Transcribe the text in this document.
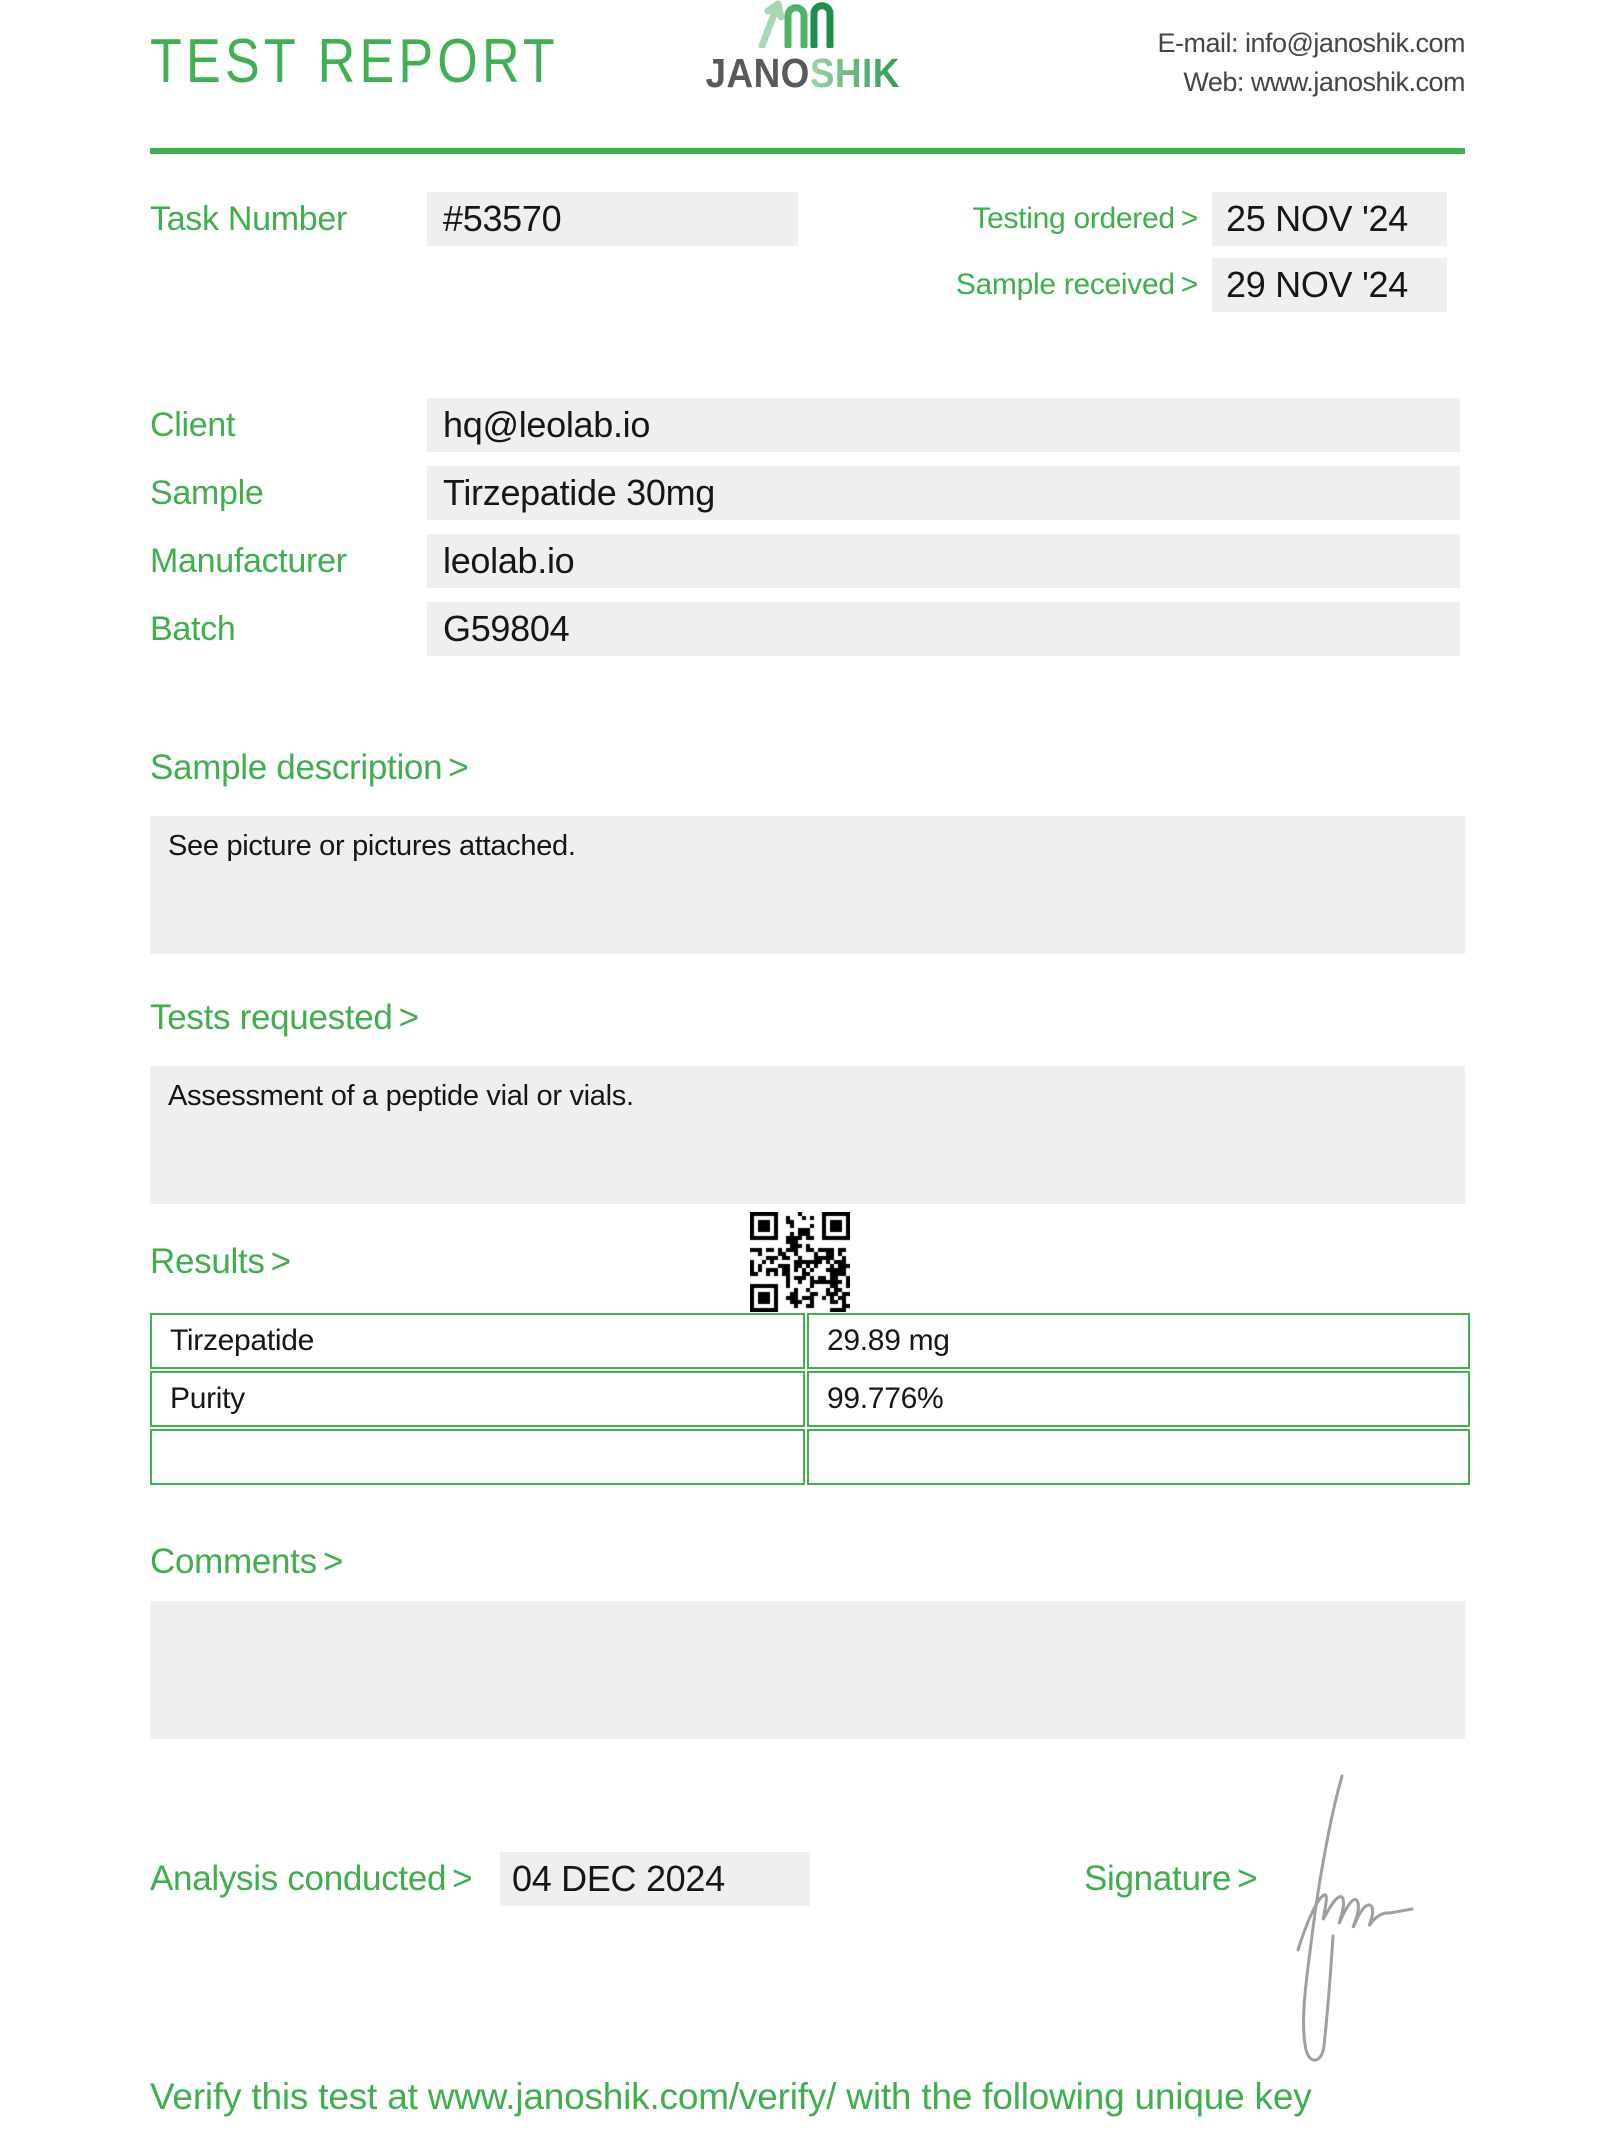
TEST REPORT	JANOSHIK
E-mail: info@janoshik.com
Web: www.janoshik.com
Task Number	#53570	Testing ordered > 25 NOV '24
Sample received > 29 NOV '24
Client	hq@leolab.io
Sample	Tirzepatide 30mg
Manufacturer	leolab.io
Batch	G59804
Sample description >
See picture or pictures attached.
Tests requested >
Assessment of a peptide vial or vials.
Results >
Tirzepatide	29.89 mg
Purity	99.776%
Comments >
Analysis conducted >	04 DEC 2024	Signature >
Verify this test at www.janoshik.com/verify/ with the following unique key
